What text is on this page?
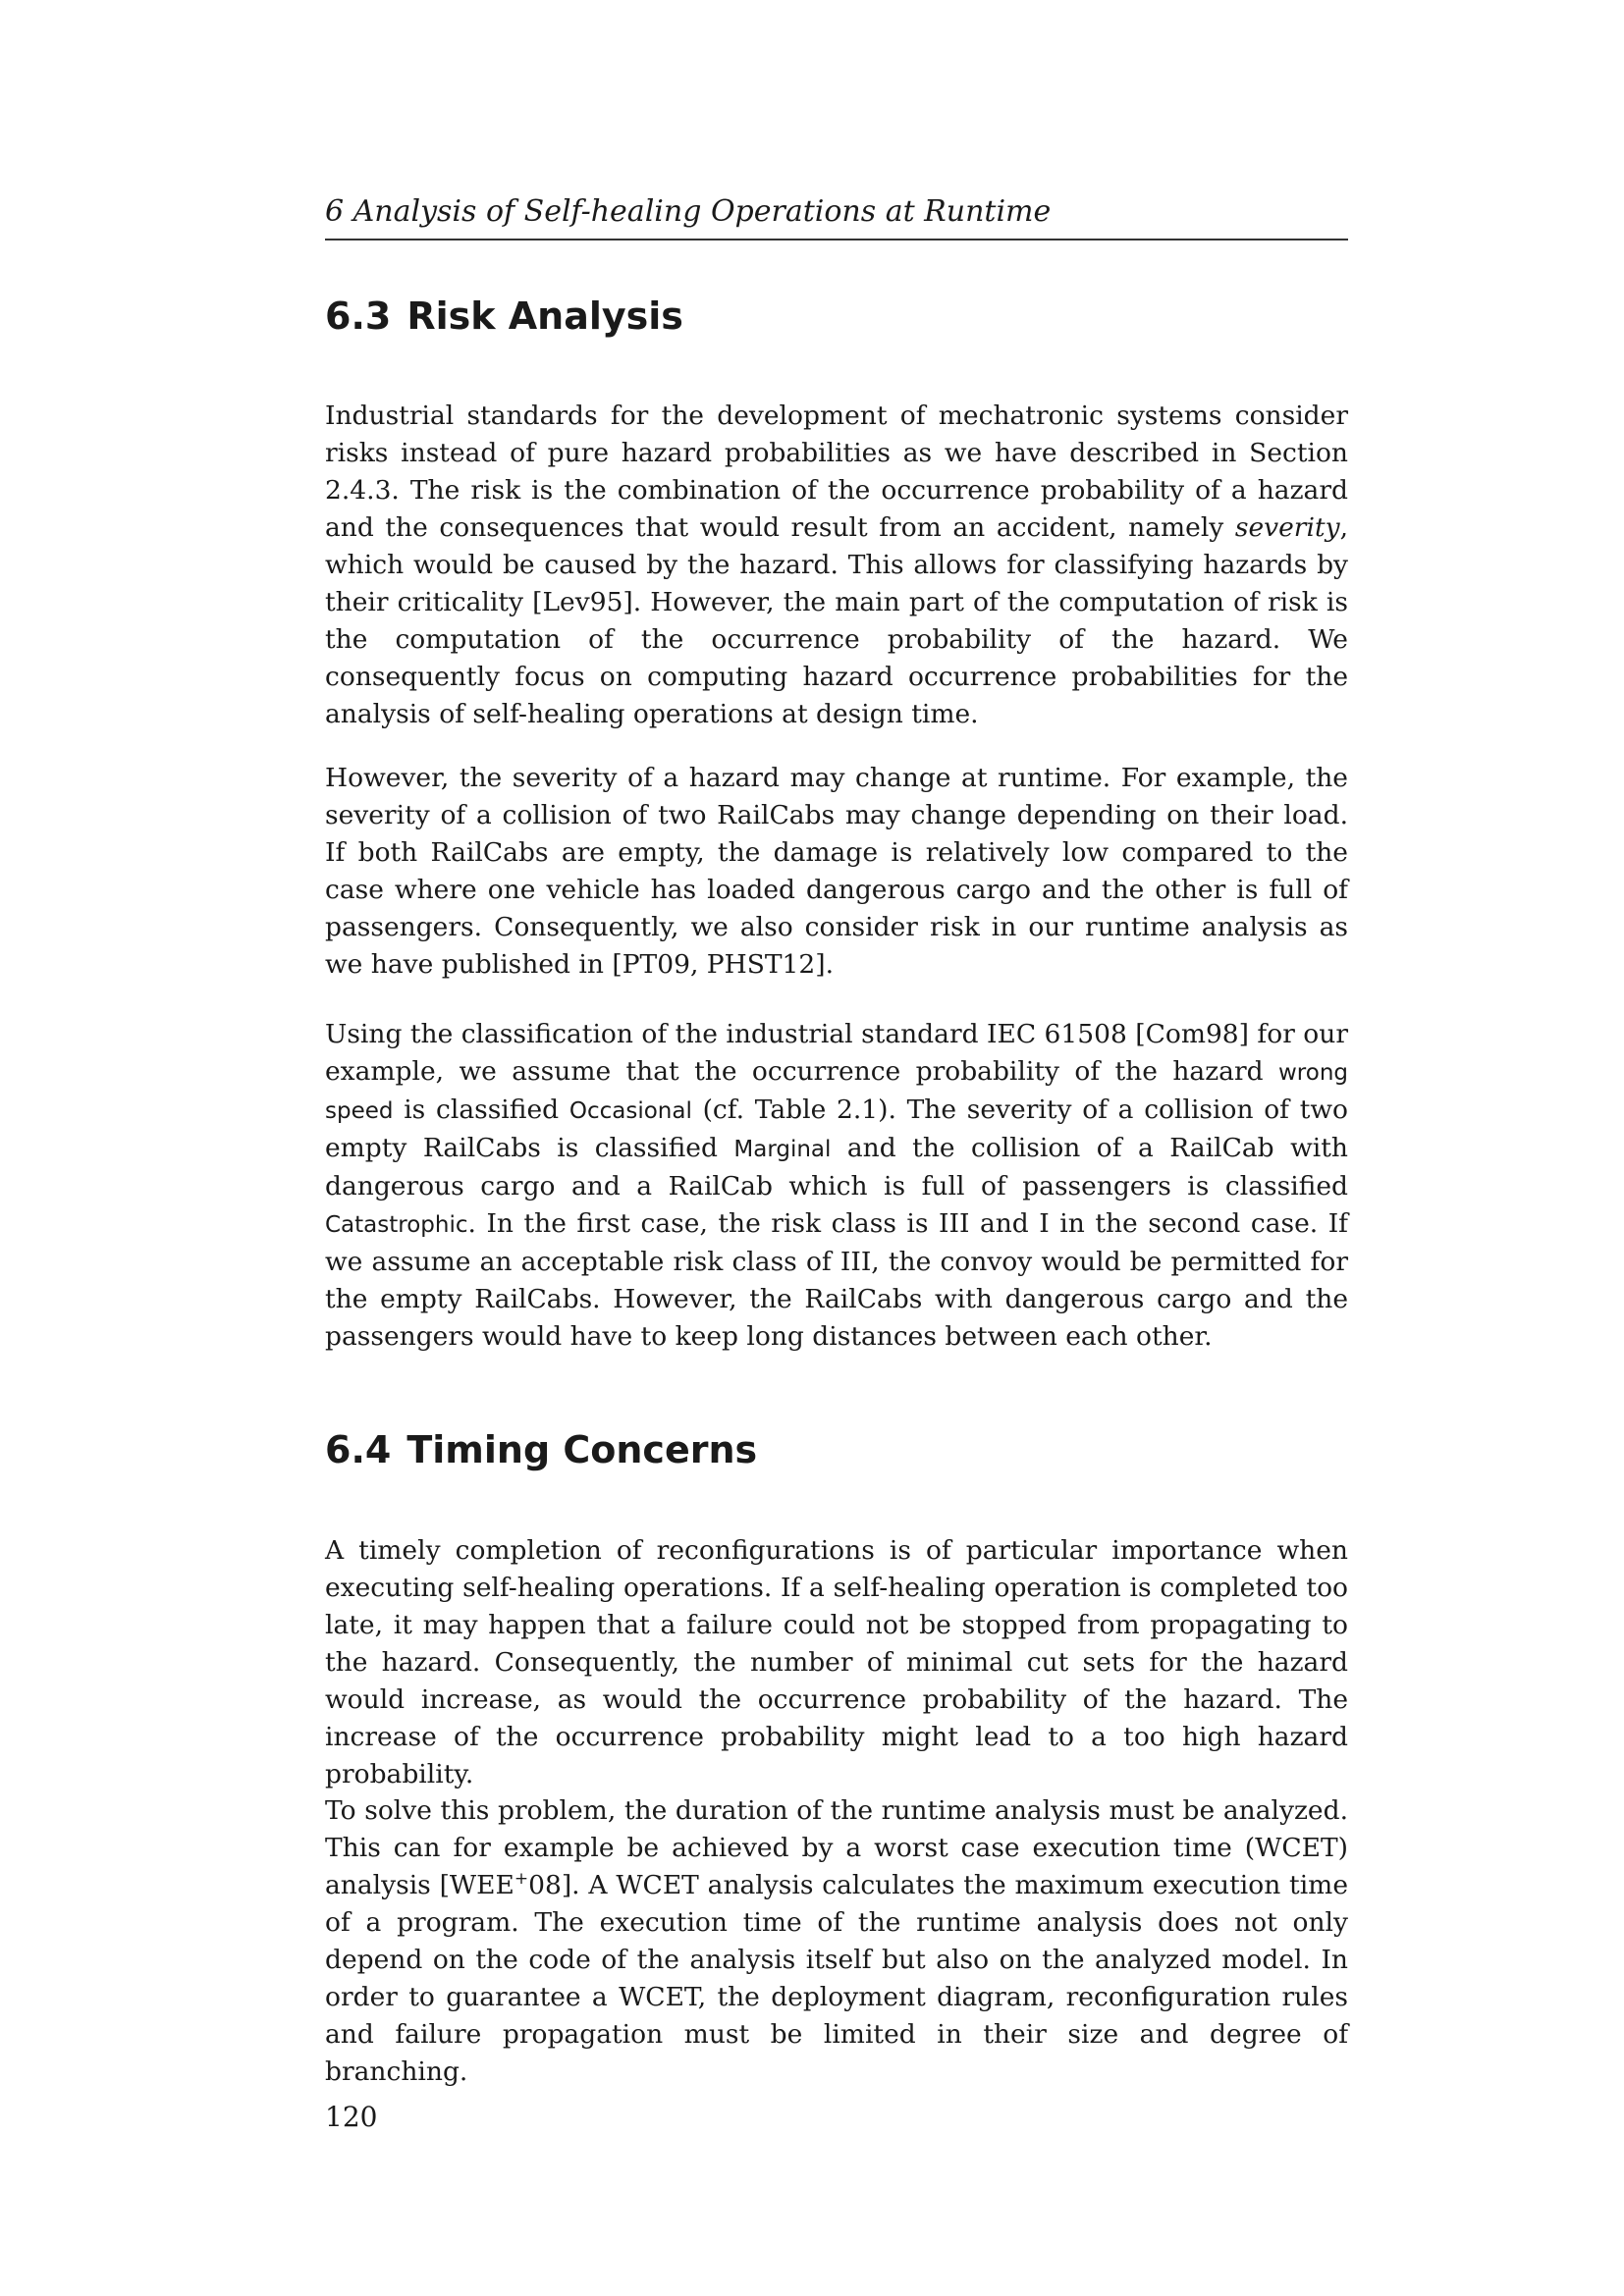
6 Analysis of Self-healing Operations at Runtime
6.3 Risk Analysis

Industrial standards for the development of mechatronic systems consider risks instead of pure hazard probabilities as we have described in Section 2.4.3. The risk is the combination of the occurrence probability of a hazard and the consequences that would result from an accident, namely severity, which would be caused by the hazard. This allows for classifying hazards by their criticality [Lev95]. However, the main part of the computation of risk is the computation of the occurrence probability of the hazard. We consequently focus on computing hazard occurrence probabilities for the analysis of self-healing operations at design time.

However, the severity of a hazard may change at runtime. For example, the severity of a collision of two RailCabs may change depending on their load. If both RailCabs are empty, the damage is relatively low compared to the case where one vehicle has loaded dangerous cargo and the other is full of passengers. Consequently, we also consider risk in our runtime analysis as we have published in [PT09, PHST12].

Using the classification of the industrial standard IEC 61508 [Com98] for our example, we assume that the occurrence probability of the hazard wrong speed is classified Occasional (cf. Table 2.1). The severity of a collision of two empty RailCabs is classified Marginal and the collision of a RailCab with dangerous cargo and a RailCab which is full of passengers is classified Catastrophic. In the first case, the risk class is III and I in the second case. If we assume an acceptable risk class of III, the convoy would be permitted for the empty RailCabs. However, the RailCabs with dangerous cargo and the passengers would have to keep long distances between each other.

6.4 Timing Concerns

A timely completion of reconfigurations is of particular importance when executing self-healing operations. If a self-healing operation is completed too late, it may happen that a failure could not be stopped from propagating to the hazard. Consequently, the number of minimal cut sets for the hazard would increase, as would the occurrence probability of the hazard. The increase of the occurrence probability might lead to a too high hazard probability.

To solve this problem, the duration of the runtime analysis must be analyzed. This can for example be achieved by a worst case execution time (WCET) analysis [WEE+08]. A WCET analysis calculates the maximum execution time of a program. The execution time of the runtime analysis does not only depend on the code of the analysis itself but also on the analyzed model. In order to guarantee a WCET, the deployment diagram, reconfiguration rules and failure propagation must be limited in their size and degree of branching.

120
